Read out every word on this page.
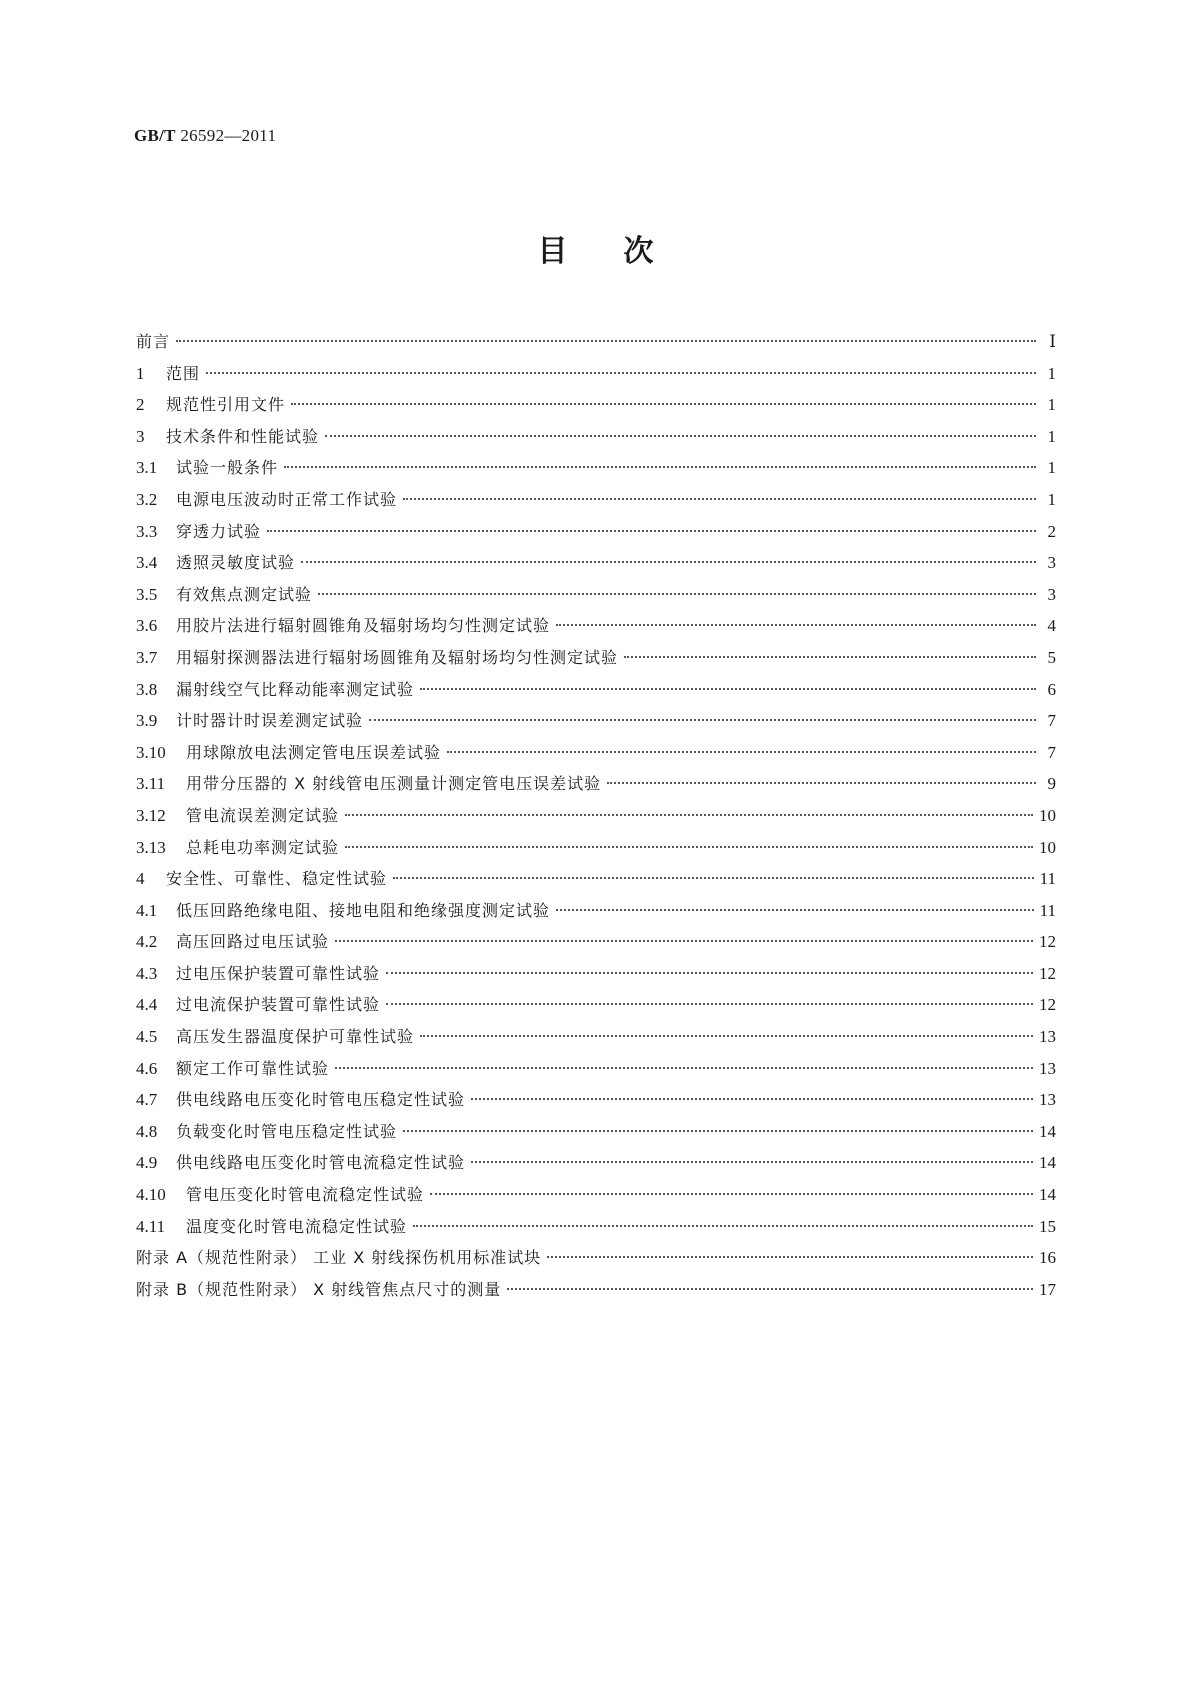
GB/T 26592—2011
目次
前言	Ⅰ
1	范围	1
2	规范性引用文件	1
3	技术条件和性能试验	1
3.1	试验一般条件	1
3.2	电源电压波动时正常工作试验	1
3.3	穿透力试验	2
3.4	透照灵敏度试验	3
3.5	有效焦点测定试验	3
3.6	用胶片法进行辐射圆锥角及辐射场均匀性测定试验	4
3.7	用辐射探测器法进行辐射场圆锥角及辐射场均匀性测定试验	5
3.8	漏射线空气比释动能率测定试验	6
3.9	计时器计时误差测定试验	7
3.10	用球隙放电法测定管电压误差试验	7
3.11	用带分压器的 X 射线管电压测量计测定管电压误差试验	9
3.12	管电流误差测定试验	10
3.13	总耗电功率测定试验	10
4	安全性、可靠性、稳定性试验	11
4.1	低压回路绝缘电阻、接地电阻和绝缘强度测定试验	11
4.2	高压回路过电压试验	12
4.3	过电压保护装置可靠性试验	12
4.4	过电流保护装置可靠性试验	12
4.5	高压发生器温度保护可靠性试验	13
4.6	额定工作可靠性试验	13
4.7	供电线路电压变化时管电压稳定性试验	13
4.8	负载变化时管电压稳定性试验	14
4.9	供电线路电压变化时管电流稳定性试验	14
4.10	管电压变化时管电流稳定性试验	14
4.11	温度变化时管电流稳定性试验	15
附录 A（规范性附录） 工业 X 射线探伤机用标准试块	16
附录 B（规范性附录） X 射线管焦点尺寸的测量	17
